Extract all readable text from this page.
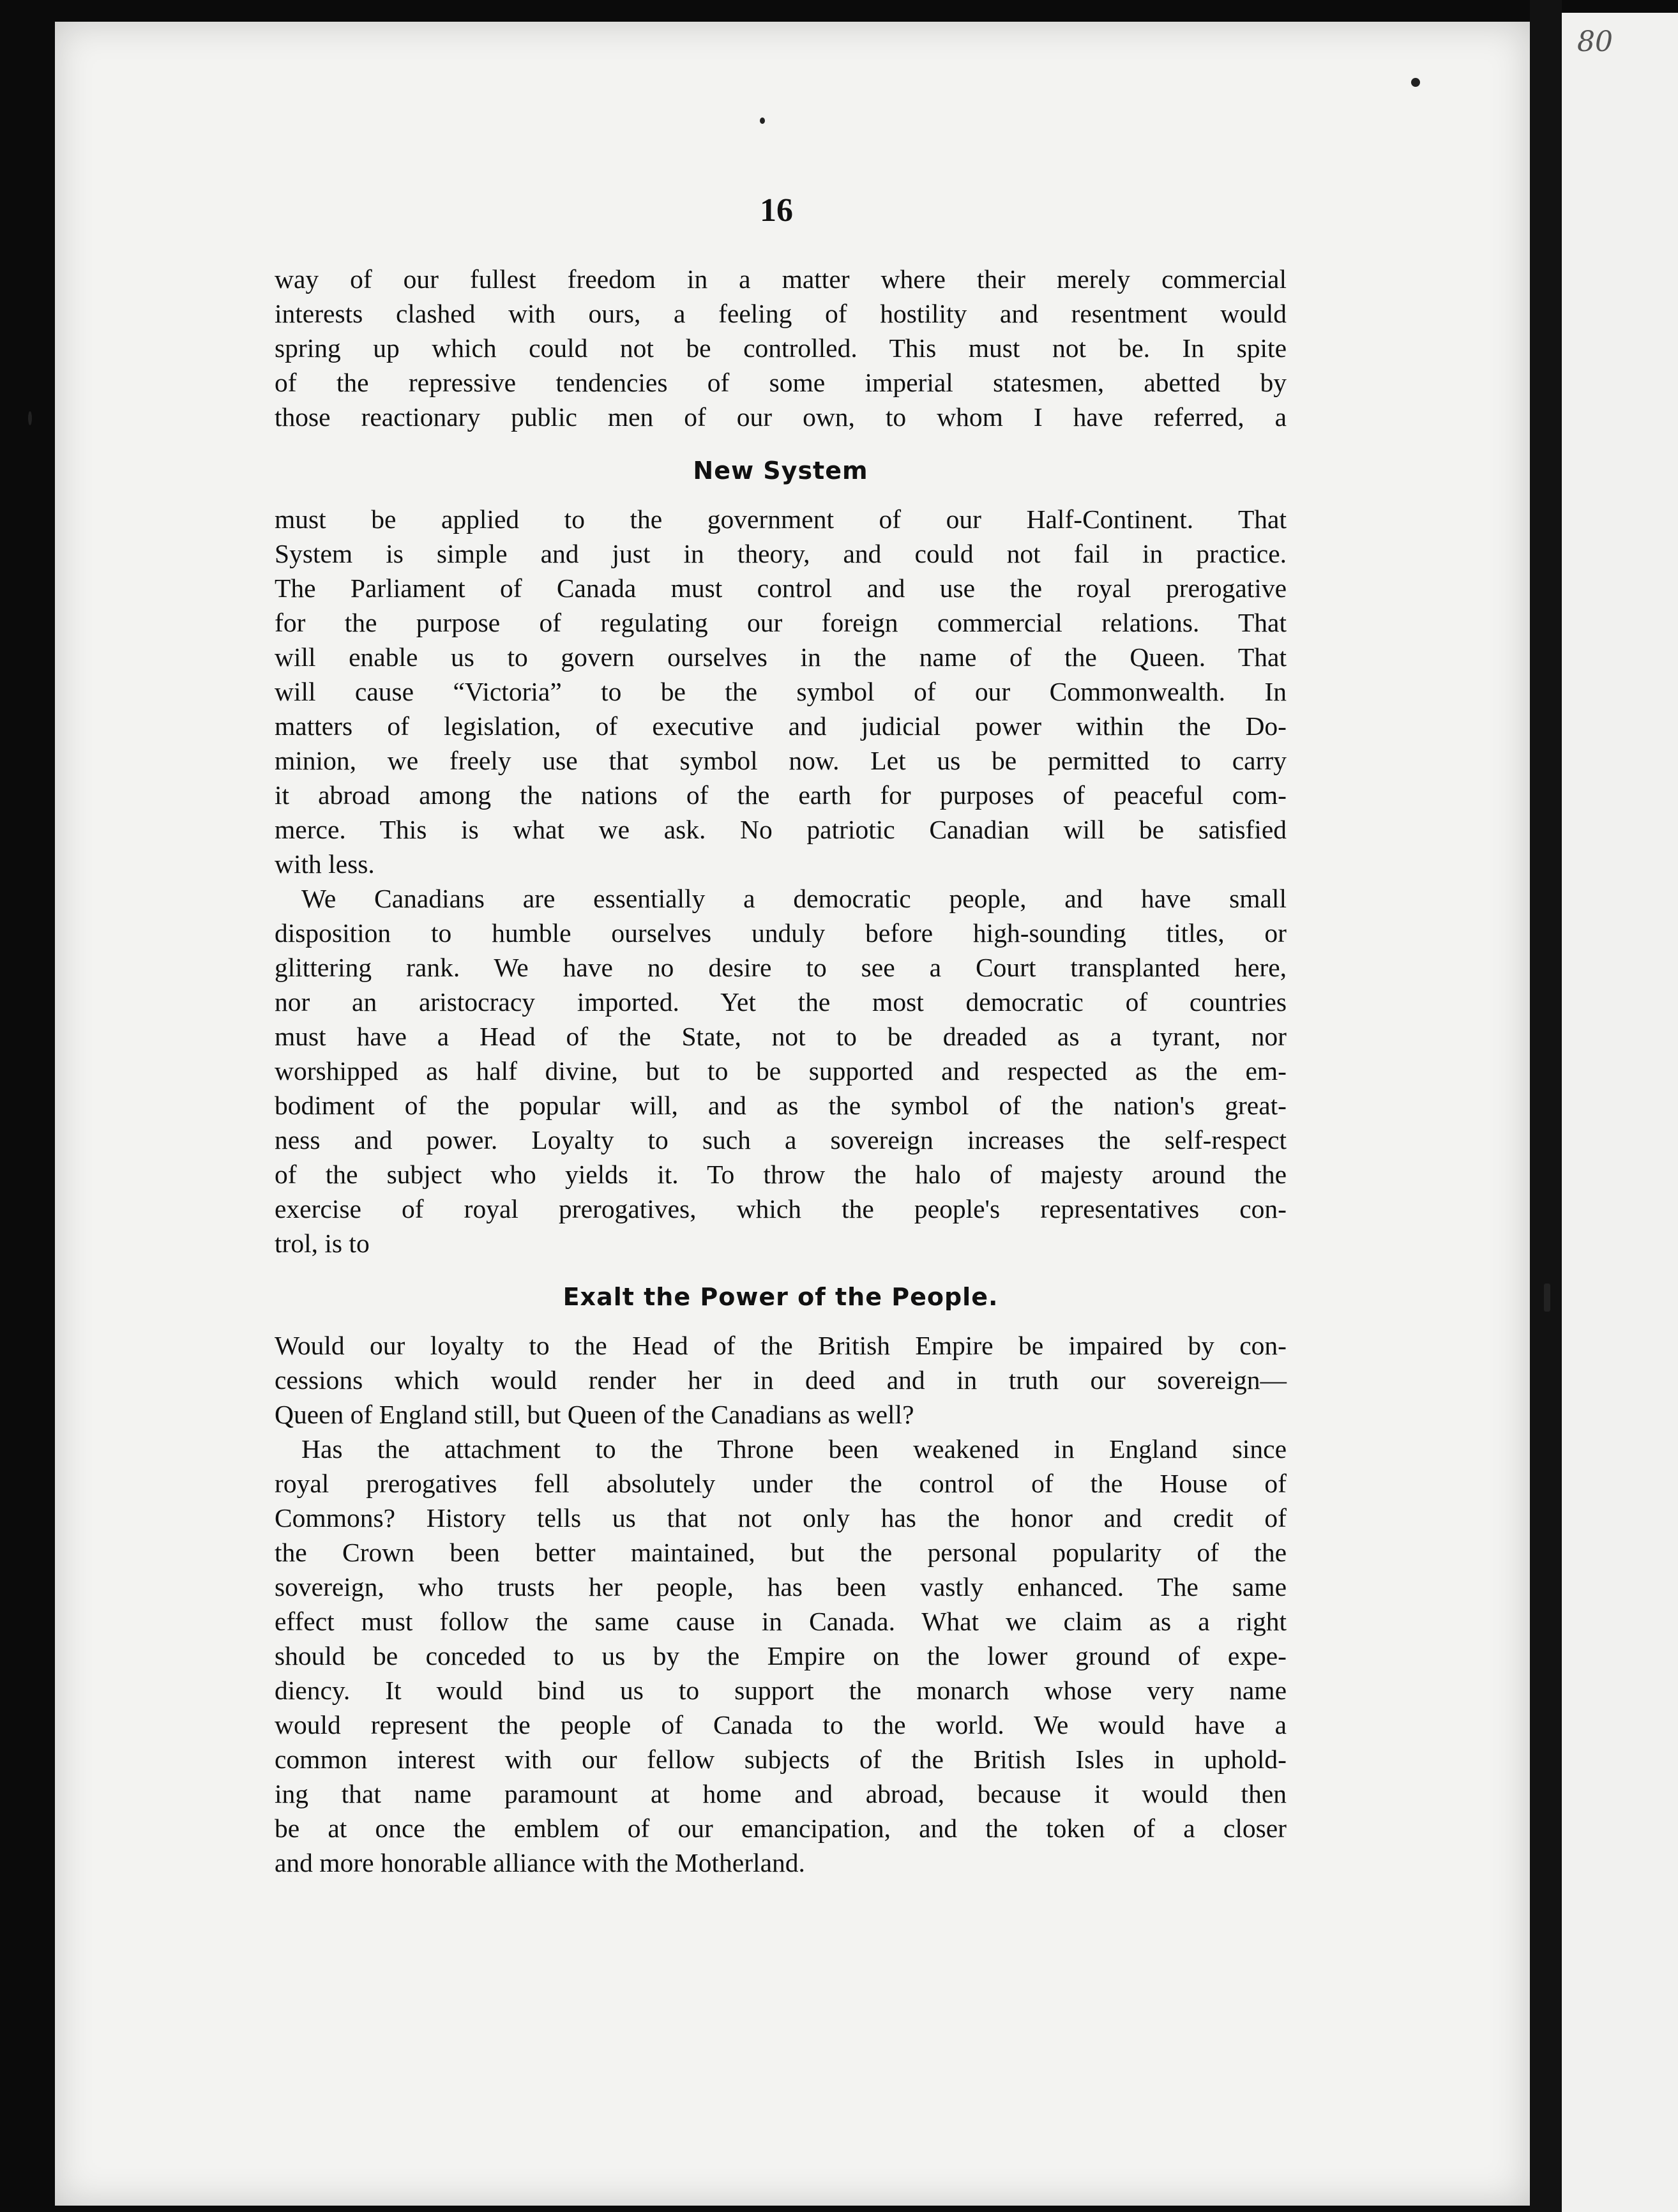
80
16

way of our fullest freedom in a matter where their merely commercial

interests clashed with ours, a feeling of hostility and resentment would

spring up which could not be controlled. This must not be. In spite

of the repressive tendencies of some imperial statesmen, abetted by

those reactionary public men of our own, to whom I have referred, a

New System

must be applied to the government of our Half-Continent. That

System is simple and just in theory, and could not fail in practice.

The Parliament of Canada must control and use the royal prerogative

for the purpose of regulating our foreign commercial relations. That

will enable us to govern ourselves in the name of the Queen. That

will cause “Victoria” to be the symbol of our Commonwealth. In

matters of legislation, of executive and judicial power within the Do-

minion, we freely use that symbol now. Let us be permitted to carry

it abroad among the nations of the earth for purposes of peaceful com-

merce. This is what we ask. No patriotic Canadian will be satisfied

with less.

We Canadians are essentially a democratic people, and have small

disposition to humble ourselves unduly before high-sounding titles, or

glittering rank. We have no desire to see a Court transplanted here,

nor an aristocracy imported. Yet the most democratic of countries

must have a Head of the State, not to be dreaded as a tyrant, nor

worshipped as half divine, but to be supported and respected as the em-

bodiment of the popular will, and as the symbol of the nation's great-

ness and power. Loyalty to such a sovereign increases the self-respect

of the subject who yields it. To throw the halo of majesty around the

exercise of royal prerogatives, which the people's representatives con-

trol, is to

Exalt the Power of the People.

Would our loyalty to the Head of the British Empire be impaired by con-

cessions which would render her in deed and in truth our sovereign—

Queen of England still, but Queen of the Canadians as well?

Has the attachment to the Throne been weakened in England since

royal prerogatives fell absolutely under the control of the House of

Commons? History tells us that not only has the honor and credit of

the Crown been better maintained, but the personal popularity of the

sovereign, who trusts her people, has been vastly enhanced. The same

effect must follow the same cause in Canada. What we claim as a right

should be conceded to us by the Empire on the lower ground of expe-

diency. It would bind us to support the monarch whose very name

would represent the people of Canada to the world. We would have a

common interest with our fellow subjects of the British Isles in uphold-

ing that name paramount at home and abroad, because it would then

be at once the emblem of our emancipation, and the token of a closer

and more honorable alliance with the Motherland.
